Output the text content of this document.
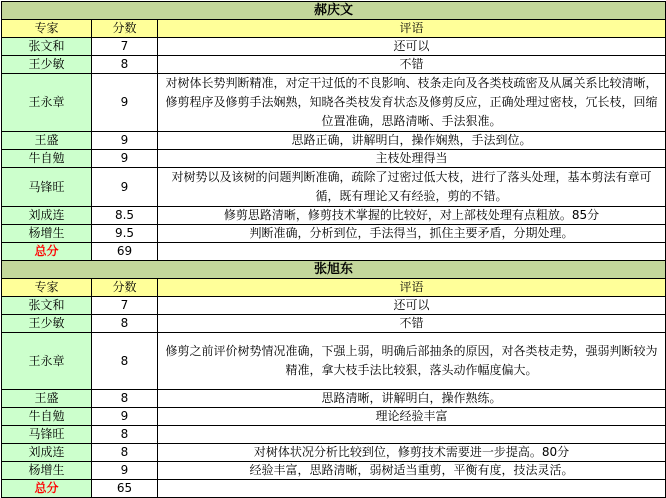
郝庆文		
专家	分数	评语
张文和	7	还可以
王少敏	8	不错
王永章	9	对树体长势判断精准，对定干过低的不良影响、枝条走向及各类枝疏密及从属关系比较清晰，修剪程序及修剪手法娴熟，知晓各类枝发育状态及修剪反应，正确处理过密枝，冗长枝，回缩位置准确，思路清晰、手法狠准。
王盛	9	思路正确，讲解明白，操作娴熟，手法到位。
牛自勉	9	主枝处理得当
马锋旺	9	对树势以及该树的问题判断准确，疏除了过密过低大枝，进行了落头处理，基本剪法有章可循，既有理论又有经验，剪的不错。
刘成连	8.5	修剪思路清晰，修剪技术掌握的比较好，对上部枝处理有点粗放。85分
杨增生	9.5	判断准确，分析到位，手法得当，抓住主要矛盾，分期处理。
总分	69	
张旭东		
专家	分数	评语
张文和	7	还可以
王少敏	8	不错
王永章	8	修剪之前评价树势情况准确，下强上弱，明确后部抽条的原因，对各类枝走势，强弱判断较为精准，拿大枝手法比较狠，落头动作幅度偏大。
王盛	8	思路清晰，讲解明白，操作熟练。
牛自勉	9	理论经验丰富
马锋旺	8	
刘成连	8	对树体状况分析比较到位，修剪技术需要进一步提高。80分
杨增生	9	经验丰富，思路清晰，弱树适当重剪，平衡有度，技法灵活。
总分	65	
